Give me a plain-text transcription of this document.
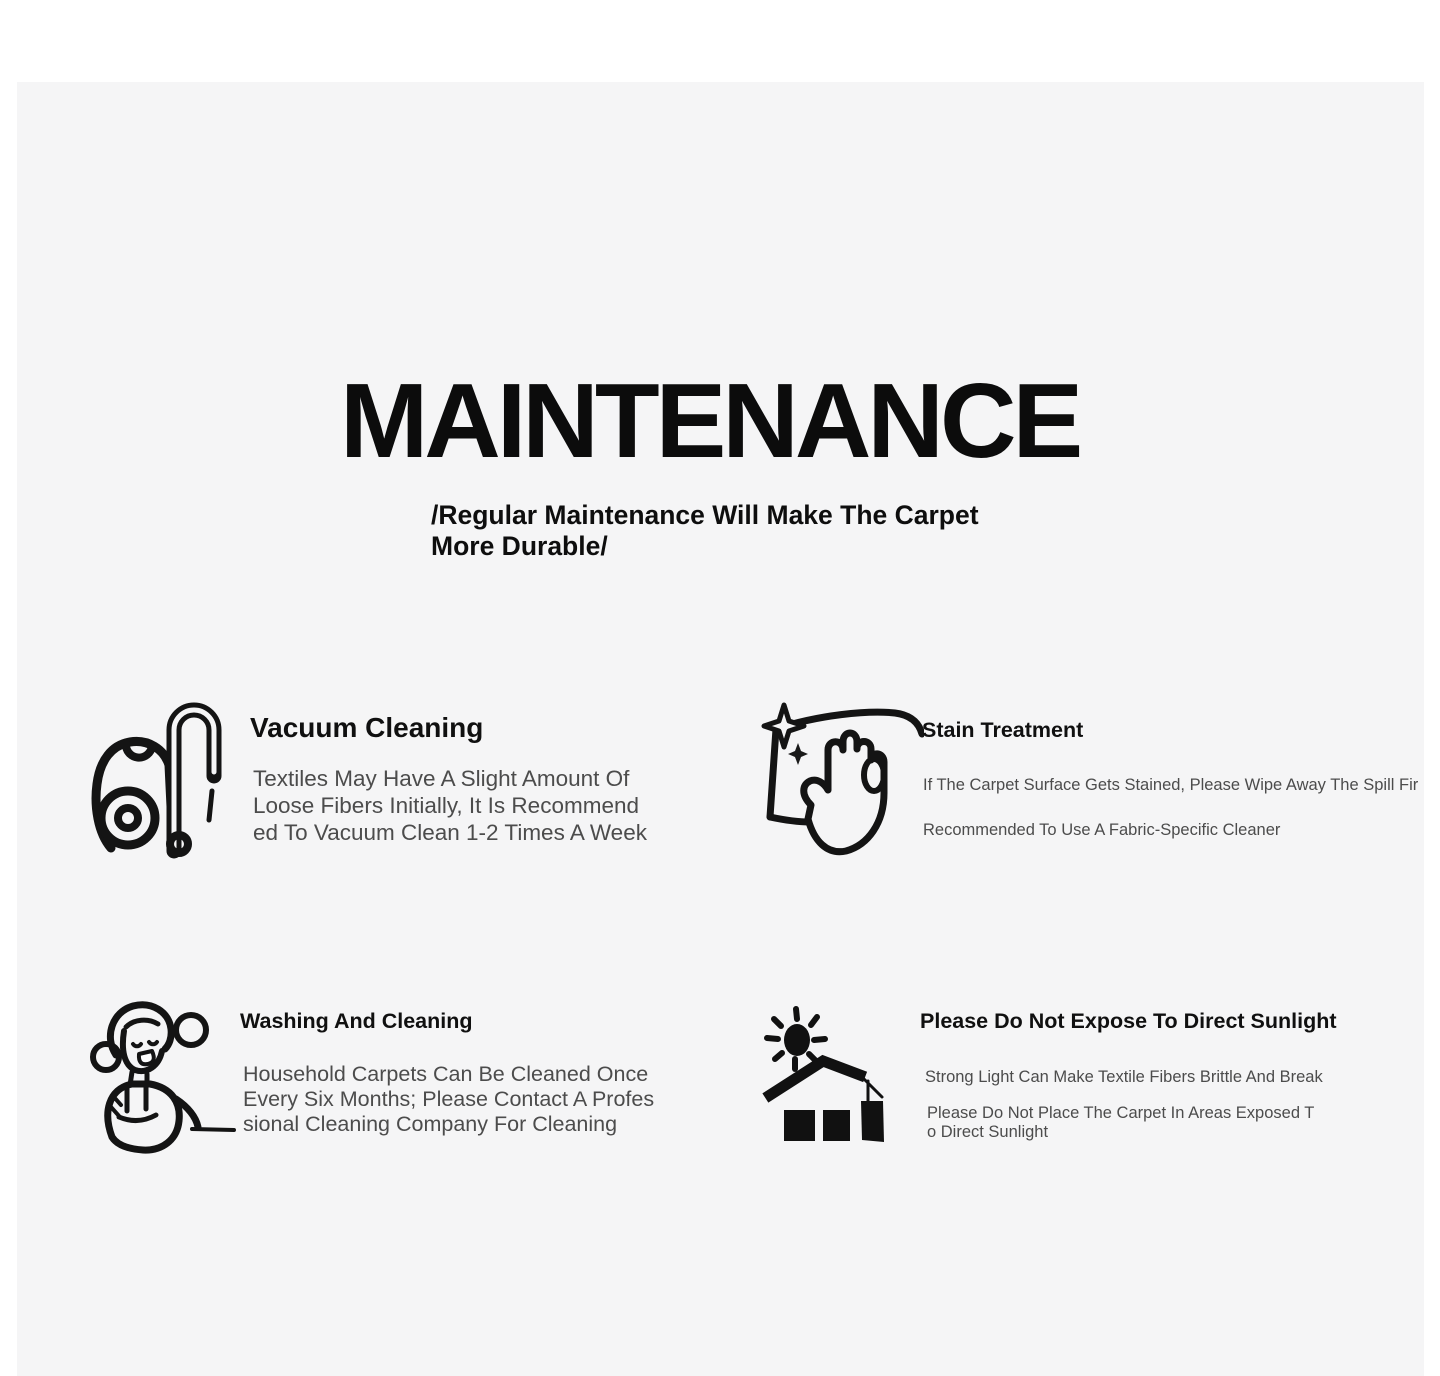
MAINTENANCE
/Regular Maintenance Will Make The Carpet
More Durable/
Vacuum Cleaning
Textiles May Have A Slight Amount Of
Loose Fibers Initially, It Is Recommend
ed To Vacuum Clean 1-2 Times A Week
Stain Treatment
If The Carpet Surface Gets Stained, Please Wipe Away The Spill Fir
Recommended To Use A Fabric-Specific Cleaner
Washing And Cleaning
Household Carpets Can Be Cleaned Once
Every Six Months; Please Contact A Profes
sional Cleaning Company For Cleaning
Please Do Not Expose To Direct Sunlight
Strong Light Can Make Textile Fibers Brittle And Break
Please Do Not Place The Carpet In Areas Exposed T
o Direct Sunlight
